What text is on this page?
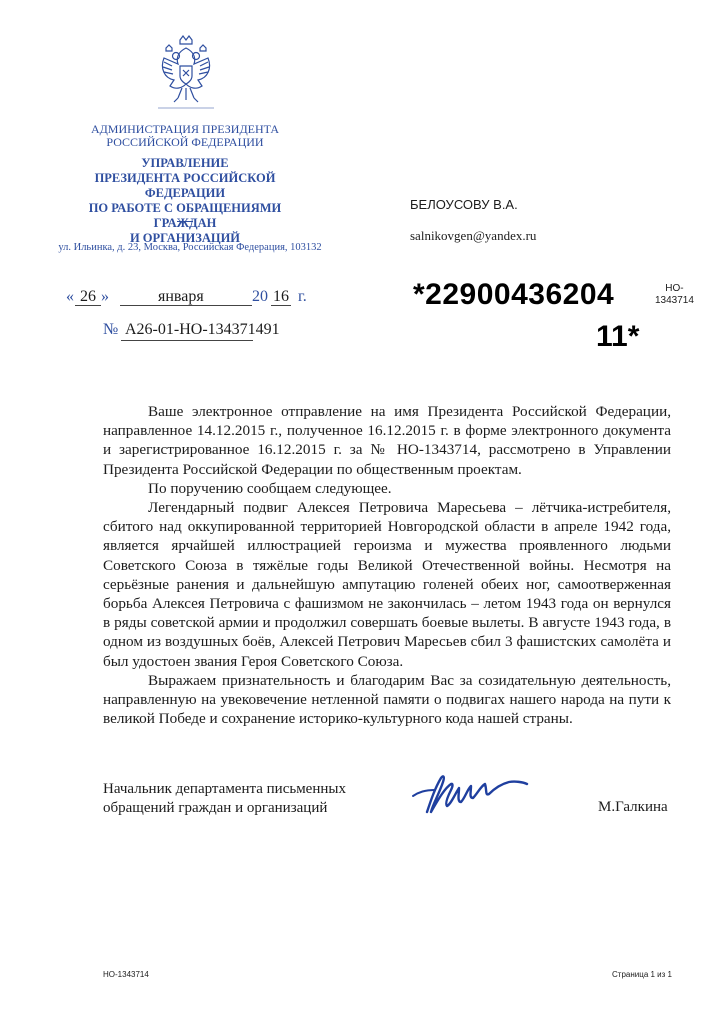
АДМИНИСТРАЦИЯ ПРЕЗИДЕНТА
РОССИЙСКОЙ ФЕДЕРАЦИИ
УПРАВЛЕНИЕ
ПРЕЗИДЕНТА РОССИЙСКОЙ ФЕДЕРАЦИИ
ПО РАБОТЕ С ОБРАЩЕНИЯМИ ГРАЖДАН
И ОРГАНИЗАЦИЙ
ул. Ильинка, д. 23, Москва, Российская Федерация, 103132
БЕЛОУСОВУ В.А.
salnikovgen@yandex.ru
« 26 »	января	20 16 г.
№ А26-01-НО-134371491
*22900436204
11*
НО-
1343714

Ваше электронное отправление на имя Президента Российской Федерации, направленное 14.12.2015 г., полученное 16.12.2015 г. в форме электронного документа и зарегистрированное 16.12.2015 г. за № НО-1343714, рассмотрено в Управлении Президента Российской Федерации по общественным проектам.

По поручению сообщаем следующее.

Легендарный подвиг Алексея Петровича Маресьева – лётчика-истребителя, сбитого над оккупированной территорией Новгородской области в апреле 1942 года, является ярчайшей иллюстрацией героизма и мужества проявленного людьми Советского Союза в тяжёлые годы Великой Отечественной войны. Несмотря на серьёзные ранения и дальнейшую ампутацию голеней обеих ног, самоотверженная борьба Алексея Петровича с фашизмом не закончилась – летом 1943 года он вернулся в ряды советской армии и продолжил совершать боевые вылеты. В августе 1943 года, в одном из воздушных боёв, Алексей Петрович Маресьев сбил 3 фашистских самолёта и был удостоен звания Героя Советского Союза.

Выражаем признательность и благодарим Вас за созидательную деятельность, направленную на увековечение нетленной памяти о подвигах нашего народа на пути к великой Победе и сохранение историко-культурного кода нашей страны.

Начальник департамента письменных
обращений граждан и организаций	М.Галкина
НО-1343714	Страница 1 из 1
